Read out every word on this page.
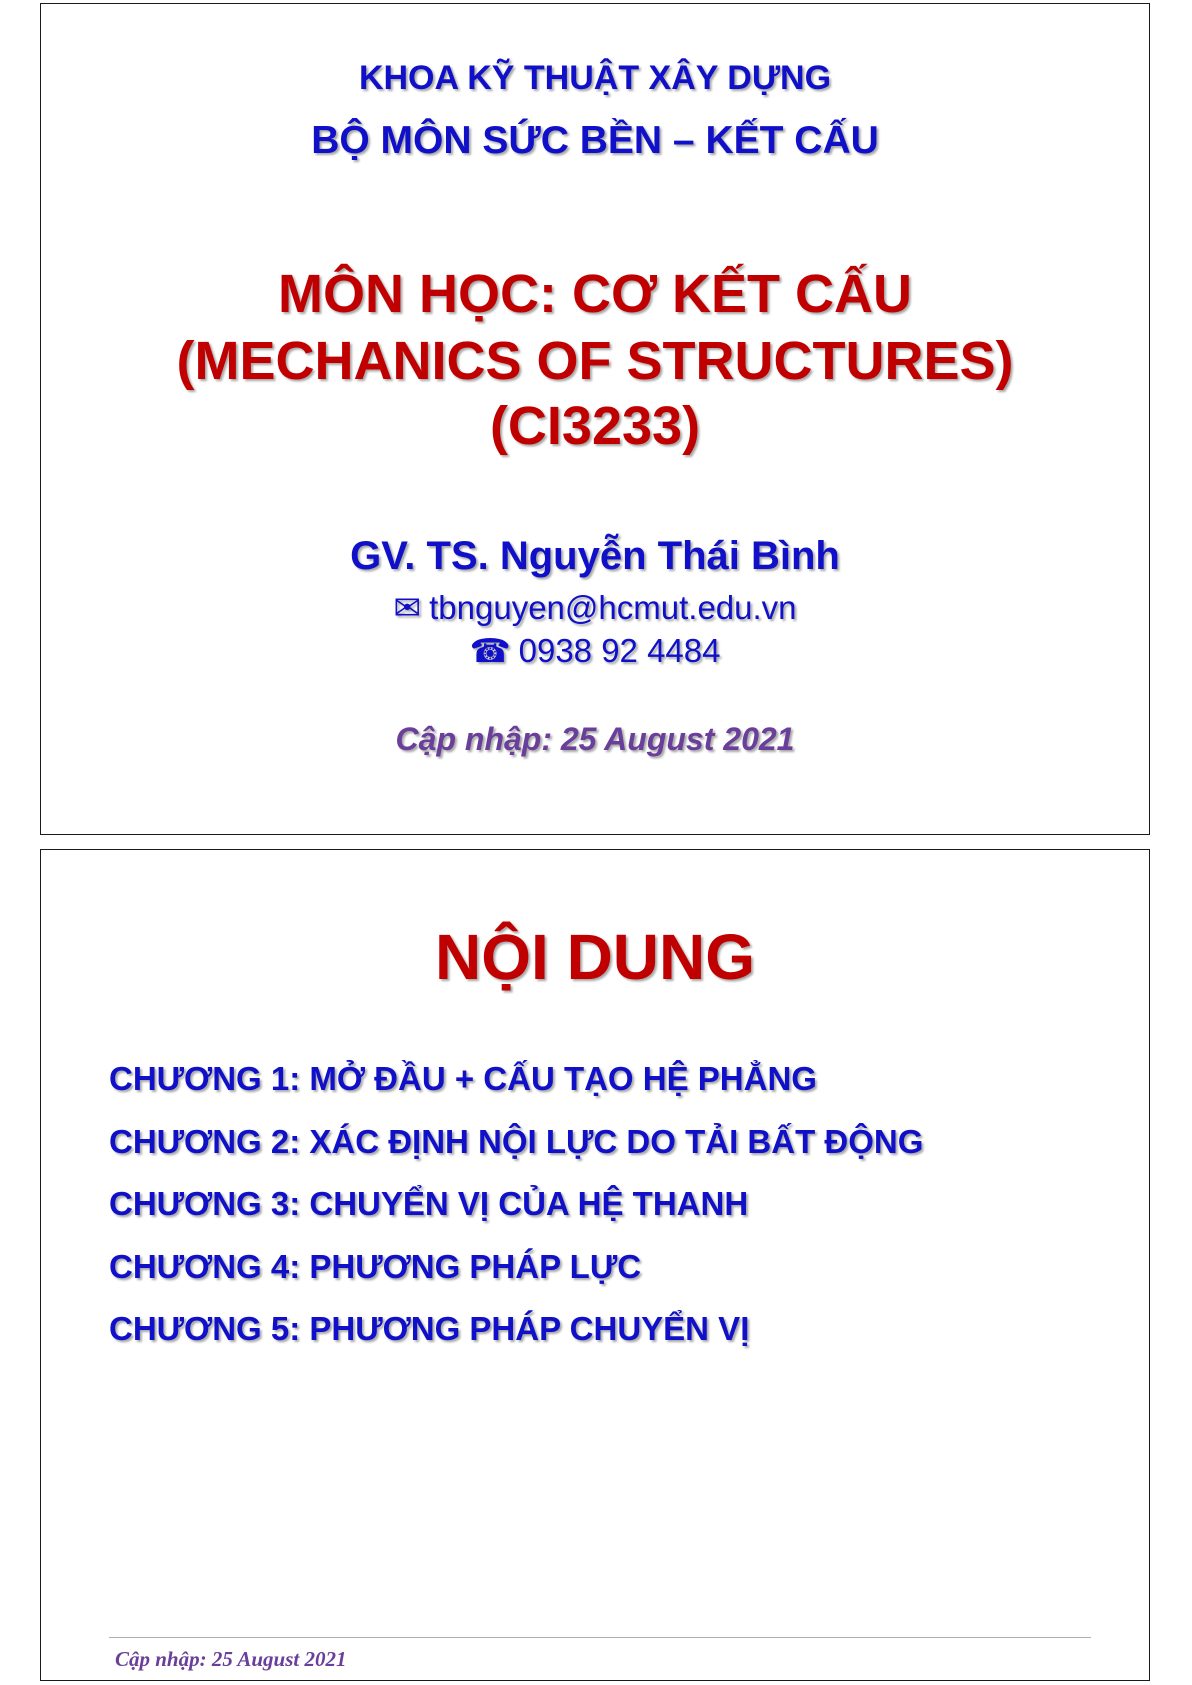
KHOA KỸ THUẬT XÂY DỰNG
BỘ MÔN SỨC BỀN – KẾT CẤU
MÔN HỌC: CƠ KẾT CẤU
(MECHANICS OF STRUCTURES)
(CI3233)
GV. TS. Nguyễn Thái Bình
✉ tbnguyen@hcmut.edu.vn
☎ 0938 92 4484
Cập nhập: 25 August 2021
NỘI DUNG
CHƯƠNG 1: MỞ ĐẦU + CẤU TẠO HỆ PHẲNG
CHƯƠNG 2: XÁC ĐỊNH NỘI LỰC DO TẢI BẤT ĐỘNG
CHƯƠNG 3: CHUYỂN VỊ CỦA HỆ THANH
CHƯƠNG 4: PHƯƠNG PHÁP LỰC
CHƯƠNG 5: PHƯƠNG PHÁP CHUYỂN VỊ
Cập nhập: 25 August 2021
